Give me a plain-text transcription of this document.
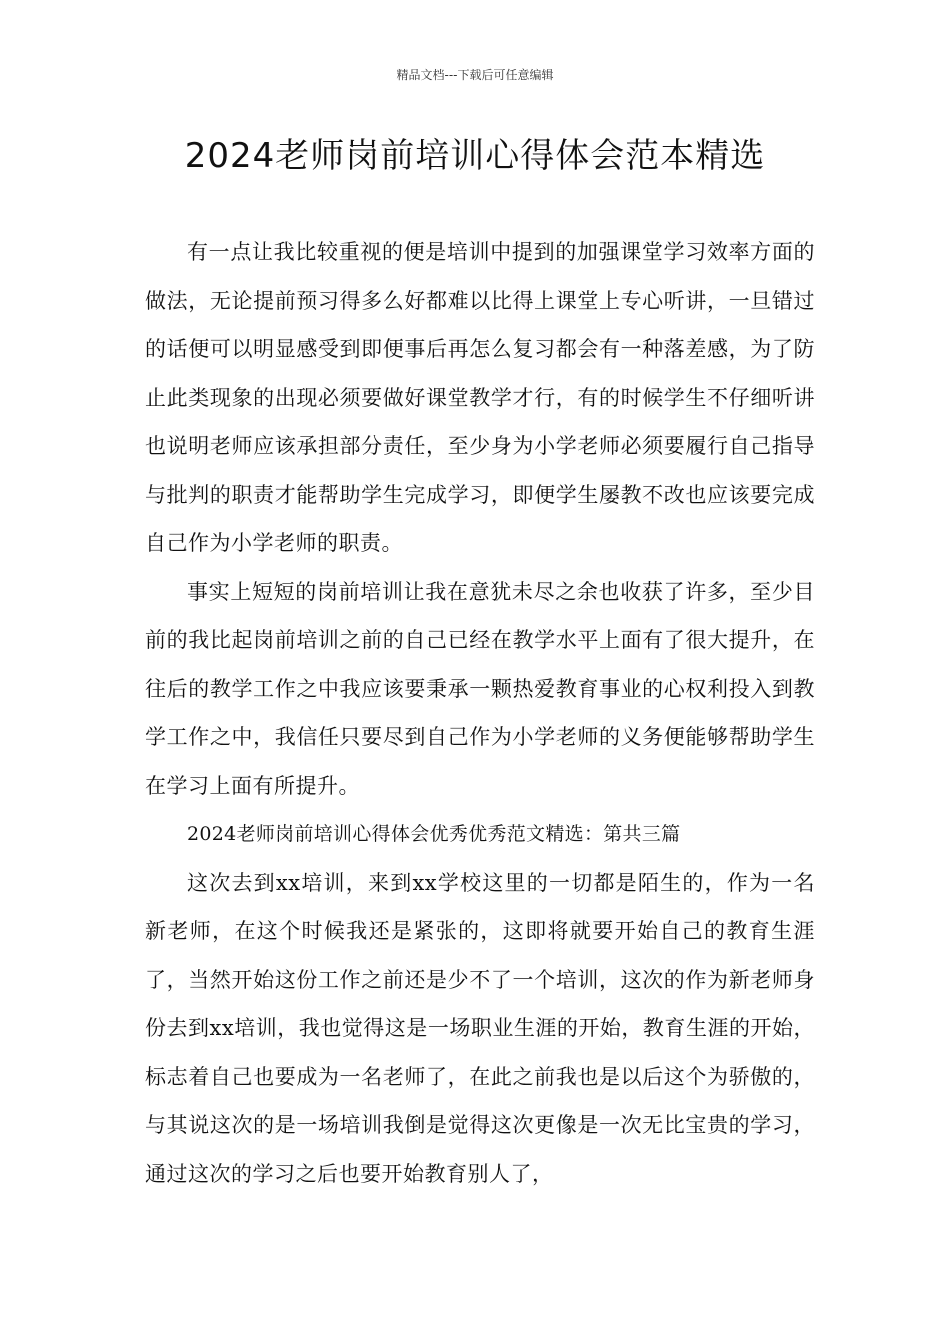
精品文档---下载后可任意编辑
2024老师岗前培训心得体会范本精选

有一点让我比较重视的便是培训中提到的加强课堂学习效率方面的做法，无论提前预习得多么好都难以比得上课堂上专心听讲，一旦错过的话便可以明显感受到即便事后再怎么复习都会有一种落差感，为了防止此类现象的出现必须要做好课堂教学才行，有的时候学生不仔细听讲也说明老师应该承担部分责任，至少身为小学老师必须要履行自己指导与批判的职责才能帮助学生完成学习，即便学生屡教不改也应该要完成自己作为小学老师的职责。

事实上短短的岗前培训让我在意犹未尽之余也收获了许多，至少目前的我比起岗前培训之前的自己已经在教学水平上面有了很大提升，在往后的教学工作之中我应该要秉承一颗热爱教育事业的心权利投入到教学工作之中，我信任只要尽到自己作为小学老师的义务便能够帮助学生在学习上面有所提升。

2024老师岗前培训心得体会优秀优秀范文精选：第共三篇

这次去到xx培训，来到xx学校这里的一切都是陌生的，作为一名新老师，在这个时候我还是紧张的，这即将就要开始自己的教育生涯了，当然开始这份工作之前还是少不了一个培训，这次的作为新老师身份去到xx培训，我也觉得这是一场职业生涯的开始，教育生涯的开始，标志着自己也要成为一名老师了，在此之前我也是以后这个为骄傲的，与其说这次的是一场培训我倒是觉得这次更像是一次无比宝贵的学习，通过这次的学习之后也要开始教育别人了，
